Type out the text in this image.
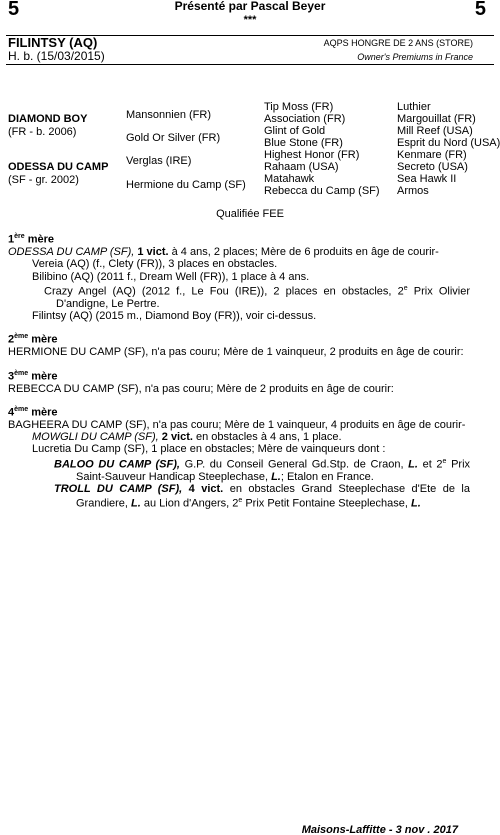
5	5
Présenté par Pascal Beyer
***
FILINTSY (AQ)
H. b. (15/03/2015)
AQPS HONGRE DE 2 ANS (STORE)
Owner's Premiums in France
DIAMOND BOY
(FR - b. 2006)
ODESSA DU CAMP
(SF - gr. 2002)
Mansonnien (FR)
Gold Or Silver (FR)
Verglas (IRE)
Hermione du Camp (SF)
Tip Moss (FR)
Association (FR)
Glint of Gold
Blue Stone (FR)
Highest Honor (FR)
Rahaam (USA)
Matahawk
Rebecca du Camp (SF)
Luthier
Margouillat (FR)
Mill Reef (USA)
Esprit du Nord (USA)
Kenmare (FR)
Secreto (USA)
Sea Hawk II
Armos
Qualifiée FEE
1ère mère
ODESSA DU CAMP (SF), 1 vict. à 4 ans, 2 places; Mère de 6 produits en âge de courir-
Vereia (AQ) (f., Clety (FR)), 3 places en obstacles.
Bilibino (AQ) (2011 f., Dream Well (FR)), 1 place à 4 ans.
Crazy Angel (AQ) (2012 f., Le Fou (IRE)), 2 places en obstacles, 2e Prix Olivier D'andigne, Le Pertre.
Filintsy (AQ) (2015 m., Diamond Boy (FR)), voir ci-dessus.
2ème mère
HERMIONE DU CAMP (SF), n'a pas couru; Mère de 1 vainqueur, 2 produits en âge de courir:
3ème mère
REBECCA DU CAMP (SF), n'a pas couru; Mère de 2 produits en âge de courir:
4ème mère
BAGHEERA DU CAMP (SF), n'a pas couru; Mère de 1 vainqueur, 4 produits en âge de courir-
MOWGLI DU CAMP (SF), 2 vict. en obstacles à 4 ans, 1 place.
Lucretia Du Camp (SF), 1 place en obstacles; Mère de vainqueurs dont :
BALOO DU CAMP (SF), G.P. du Conseil General Gd.Stp. de Craon, L. et 2e Prix Saint-Sauveur Handicap Steeplechase, L.; Etalon en France.
TROLL DU CAMP (SF), 4 vict. en obstacles Grand Steeplechase d'Ete de la Grandiere, L. au Lion d'Angers, 2e Prix Petit Fontaine Steeplechase, L.
Maisons-Laffitte - 3 nov . 2017
